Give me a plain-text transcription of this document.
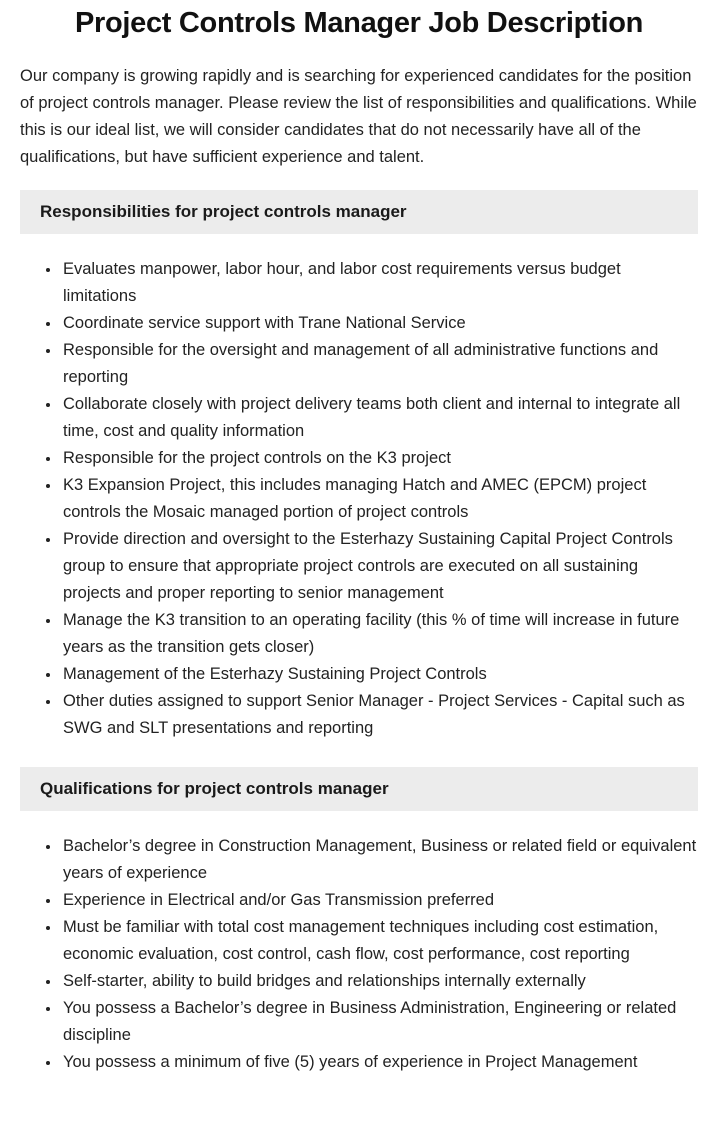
Project Controls Manager Job Description

Our company is growing rapidly and is searching for experienced candidates for the position of project controls manager. Please review the list of responsibilities and qualifications. While this is our ideal list, we will consider candidates that do not necessarily have all of the qualifications, but have sufficient experience and talent.

Responsibilities for project controls manager
• Evaluates manpower, labor hour, and labor cost requirements versus budget limitations
• Coordinate service support with Trane National Service
• Responsible for the oversight and management of all administrative functions and reporting
• Collaborate closely with project delivery teams both client and internal to integrate all time, cost and quality information
• Responsible for the project controls on the K3 project
• K3 Expansion Project, this includes managing Hatch and AMEC (EPCM) project controls the Mosaic managed portion of project controls
• Provide direction and oversight to the Esterhazy Sustaining Capital Project Controls group to ensure that appropriate project controls are executed on all sustaining projects and proper reporting to senior management
• Manage the K3 transition to an operating facility (this % of time will increase in future years as the transition gets closer)
• Management of the Esterhazy Sustaining Project Controls
• Other duties assigned to support Senior Manager - Project Services - Capital such as SWG and SLT presentations and reporting
Qualifications for project controls manager
• Bachelor’s degree in Construction Management, Business or related field or equivalent years of experience
• Experience in Electrical and/or Gas Transmission preferred
• Must be familiar with total cost management techniques including cost estimation, economic evaluation, cost control, cash flow, cost performance, cost reporting
• Self-starter, ability to build bridges and relationships internally externally
• You possess a Bachelor’s degree in Business Administration, Engineering or related discipline
• You possess a minimum of five (5) years of experience in Project Management
